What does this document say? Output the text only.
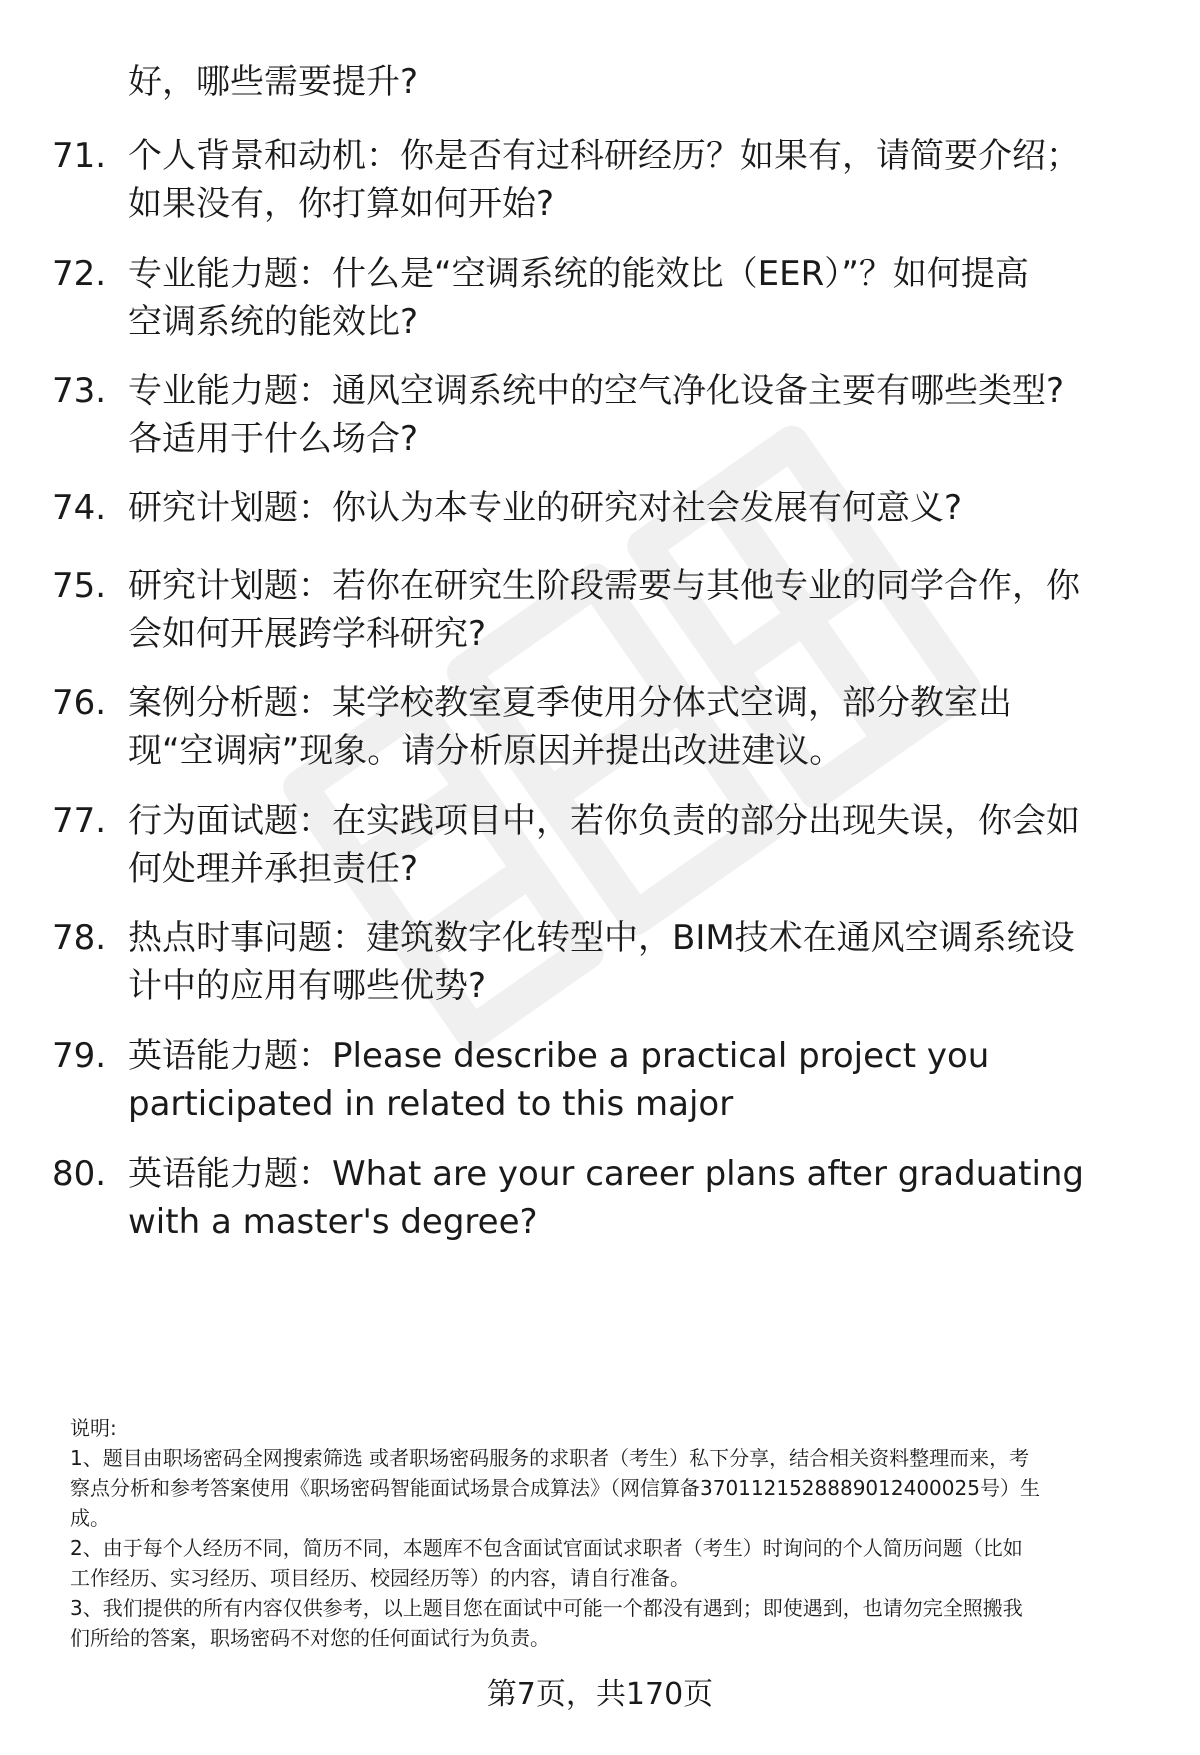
好，哪些需要提升?

71. 个人背景和动机：你是否有过科研经历？如果有，请简要介绍；
如果没有，你打算如何开始?
72. 专业能力题：什么是“空调系统的能效比（EER）”？如何提高
空调系统的能效比?
73. 专业能力题：通风空调系统中的空气净化设备主要有哪些类型?
各适用于什么场合?
74. 研究计划题：你认为本专业的研究对社会发展有何意义?
75. 研究计划题：若你在研究生阶段需要与其他专业的同学合作，你
会如何开展跨学科研究?
76. 案例分析题：某学校教室夏季使用分体式空调，部分教室出
现“空调病”现象。请分析原因并提出改进建议。
77. 行为面试题：在实践项目中，若你负责的部分出现失误，你会如
何处理并承担责任?
78. 热点时事问题：建筑数字化转型中，BIM技术在通风空调系统设
计中的应用有哪些优势?
79. 英语能力题：Please describe a practical project you
participated in related to this major
80. 英语能力题：What are your career plans after graduating
with a master's degree?
说明:
1、题目由职场密码全网搜索筛选 或者职场密码服务的求职者（考生）私下分享，结合相关资料整理而来，考
察点分析和参考答案使用《职场密码智能面试场景合成算法》（网信算备3701121528889012400025号）生
成。
2、由于每个人经历不同，简历不同，本题库不包含面试官面试求职者（考生）时询问的个人简历问题（比如
工作经历、实习经历、项目经历、校园经历等）的内容，请自行准备。
3、我们提供的所有内容仅供参考，以上题目您在面试中可能一个都没有遇到；即使遇到，也请勿完全照搬我
们所给的答案，职场密码不对您的任何面试行为负责。
第7页，共170页
